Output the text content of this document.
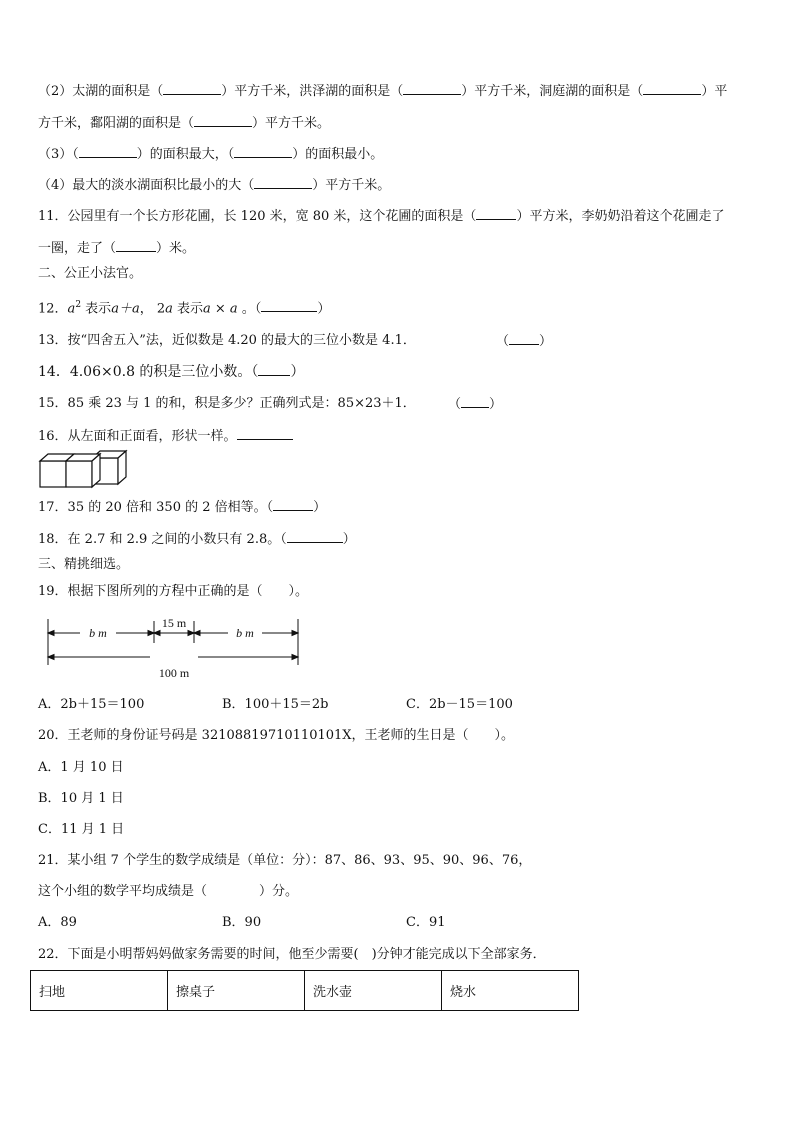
（2）太湖的面积是（	）平方千米，洪泽湖的面积是（	）平方千米，洞庭湖的面积是（	）平
方千米，鄱阳湖的面积是（	）平方千米。
（3）（	）的面积最大，（	）的面积最小。
（4）最大的淡水湖面积比最小的大（	）平方千米。
11．公园里有一个长方形花圃，长 120 米，宽 80 米，这个花圃的面积是（	）平方米，李奶奶沿着这个花圃走了
一圈，走了（	）米。
二、公正小法官。
12．$a^2$ 表示a＋a， 2a 表示a × a 。（	）
13．按“四舍五入”法，近似数是 4.20 的最大的三位小数是 4.1．	（ ）
14．4.06×0.8 的积是三位小数。（ ）
15．85 乘 23 与 1 的和，积是多少？正确列式是：85×23＋1． （ ）
16．从左面和正面看，形状一样。
17．35 的 20 倍和 350 的 2 倍相等。（	）
18．在 2.7 和 2.9 之间的小数只有 2.8。（	）
三、精挑细选。
19．根据下图所列的方程中正确的是（　　）。
b m
15 m
b m
100 m
A．2b＋15＝100	B．100＋15＝2b	C．2b－15＝100
20．王老师的身份证号码是 32108819710110101X，王老师的生日是（　　）。
A．1 月 10 日
B．10 月 1 日
C．11 月 1 日
21．某小组 7 个学生的数学成绩是（单位：分）：87、86、93、95、90、96、76，
这个小组的数学平均成绩是（　　　　）分。
A．89	B．90	C．91
22．下面是小明帮妈妈做家务需要的时间，他至少需要(　)分钟才能完成以下全部家务．
扫地	擦桌子	洗水壶	烧水
